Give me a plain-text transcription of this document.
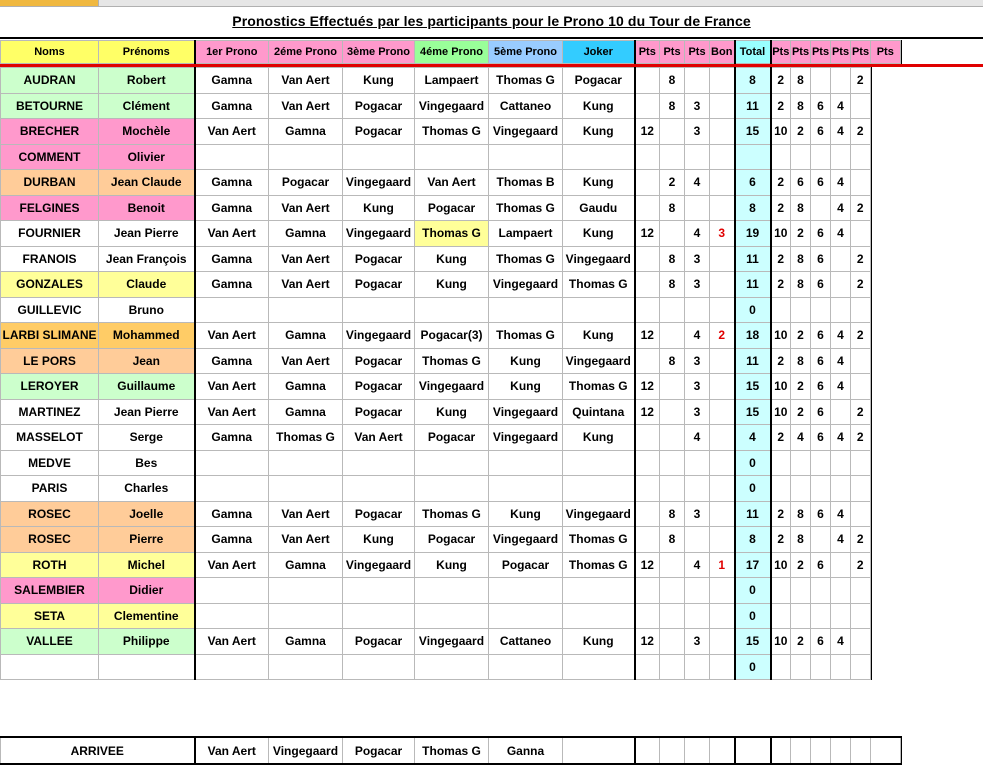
Pronostics Effectués par les participants pour le Prono 10 du Tour de France
Noms	Prénoms	1er Prono	2éme Prono	3ème Prono	4éme Prono	5ème Prono	Joker	Pts	Pts	Pts	Bon	Total	Pts	Pts	Pts	Pts	Pts	Pts	
AUDRAN	Robert	Gamna	Van Aert	Kung	Lampaert	Thomas G	Pogacar		8			8	2	8			2	
BETOURNE	Clément	Gamna	Van Aert	Pogacar	Vingegaard	Cattaneo	Kung		8	3		11	2	8	6	4		
BRECHER	Mochèle	Van Aert	Gamna	Pogacar	Thomas G	Vingegaard	Kung	12		3		15	10	2	6	4	2	
COMMENT	Olivier																	
DURBAN	Jean Claude	Gamna	Pogacar	Vingegaard	Van Aert	Thomas B	Kung		2	4		6	2	6	6	4		
FELGINES	Benoit	Gamna	Van Aert	Kung	Pogacar	Thomas G	Gaudu		8			8	2	8		4	2	
FOURNIER	Jean Pierre	Van Aert	Gamna	Vingegaard	Thomas G	Lampaert	Kung	12		4	3	19	10	2	6	4		
FRANOIS	Jean François	Gamna	Van Aert	Pogacar	Kung	Thomas G	Vingegaard		8	3		11	2	8	6		2	
GONZALES	Claude	Gamna	Van Aert	Pogacar	Kung	Vingegaard	Thomas G		8	3		11	2	8	6		2	
GUILLEVIC	Bruno											0						
LARBI SLIMANE	Mohammed	Van Aert	Gamna	Vingegaard	Pogacar(3)	Thomas G	Kung	12		4	2	18	10	2	6	4	2	
LE PORS	Jean	Gamna	Van Aert	Pogacar	Thomas G	Kung	Vingegaard		8	3		11	2	8	6	4		
LEROYER	Guillaume	Van Aert	Gamna	Pogacar	Vingegaard	Kung	Thomas G	12		3		15	10	2	6	4		
MARTINEZ	Jean Pierre	Van Aert	Gamna	Pogacar	Kung	Vingegaard	Quintana	12		3		15	10	2	6		2	
MASSELOT	Serge	Gamna	Thomas G	Van Aert	Pogacar	Vingegaard	Kung			4		4	2	4	6	4	2	
MEDVE	Bes											0						
PARIS	Charles											0						
ROSEC	Joelle	Gamna	Van Aert	Pogacar	Thomas G	Kung	Vingegaard		8	3		11	2	8	6	4		
ROSEC	Pierre	Gamna	Van Aert	Kung	Pogacar	Vingegaard	Thomas G		8			8	2	8		4	2	
ROTH	Michel	Van Aert	Gamna	Vingegaard	Kung	Pogacar	Thomas G	12		4	1	17	10	2	6		2	
SALEMBIER	Didier											0						
SETA	Clementine											0						
VALLEE	Philippe	Van Aert	Gamna	Pogacar	Vingegaard	Cattaneo	Kung	12		3		15	10	2	6	4		
												0						
ARRIVEE	Van Aert	Vingegaard	Pogacar	Thomas G	Ganna													
